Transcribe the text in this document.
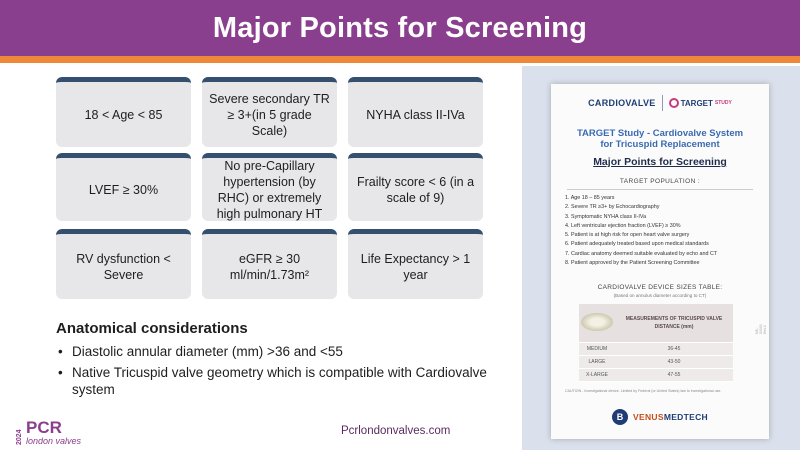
Major Points for Screening
18 < Age < 85
Severe secondary TR ≥ 3+(in 5 grade Scale)
NYHA class II-IVa
LVEF ≥ 30%
No pre-Capillary hypertension (by RHC) or extremely high pulmonary HT
Frailty score < 6 (in a scale of 9)
RV dysfunction < Severe
eGFR ≥ 30 ml/min/1.73m²
Life Expectancy > 1 year
Anatomical considerations
• Diastolic annular diameter (mm) >36 and <55
• Native Tricuspid valve geometry which is compatible with Cardiovalve system
2024
PCR
london valves
Pcrlondonvalves.com
CARDIOVALVE	TARGET STUDY
TARGET Study - Cardiovalve System
for Tricuspid Replacement
Major Points for Screening
TARGET POPULATION :
1. Age 18 – 85 years
2. Severe TR ≥3+ by Echocardiography
3. Symptomatic NYHA class II-IVa
4. Left ventricular ejection fraction (LVEF) ≥ 30%
5. Patient is at high risk for open heart valve surgery
6. Patient adequately treated based upon medical standards
7. Cardiac anatomy deemed suitable evaluated by echo and CT
8. Patient approved by the Patient Screening Committee
CARDIOVALVE DEVICE SIZES TABLE:
(Based on annulus diameter according to CT)
	MEASUREMENTS OF TRICUSPID VALVE DISTANCE (mm)
MEDIUM	36-45
LARGE	43-50
X-LARGE	47-55
MK-00000 Rev.2
CAUTION - Investigational device. Limited by Federal (or United States) law to investigational use.
B	VENUSMEDTECH
